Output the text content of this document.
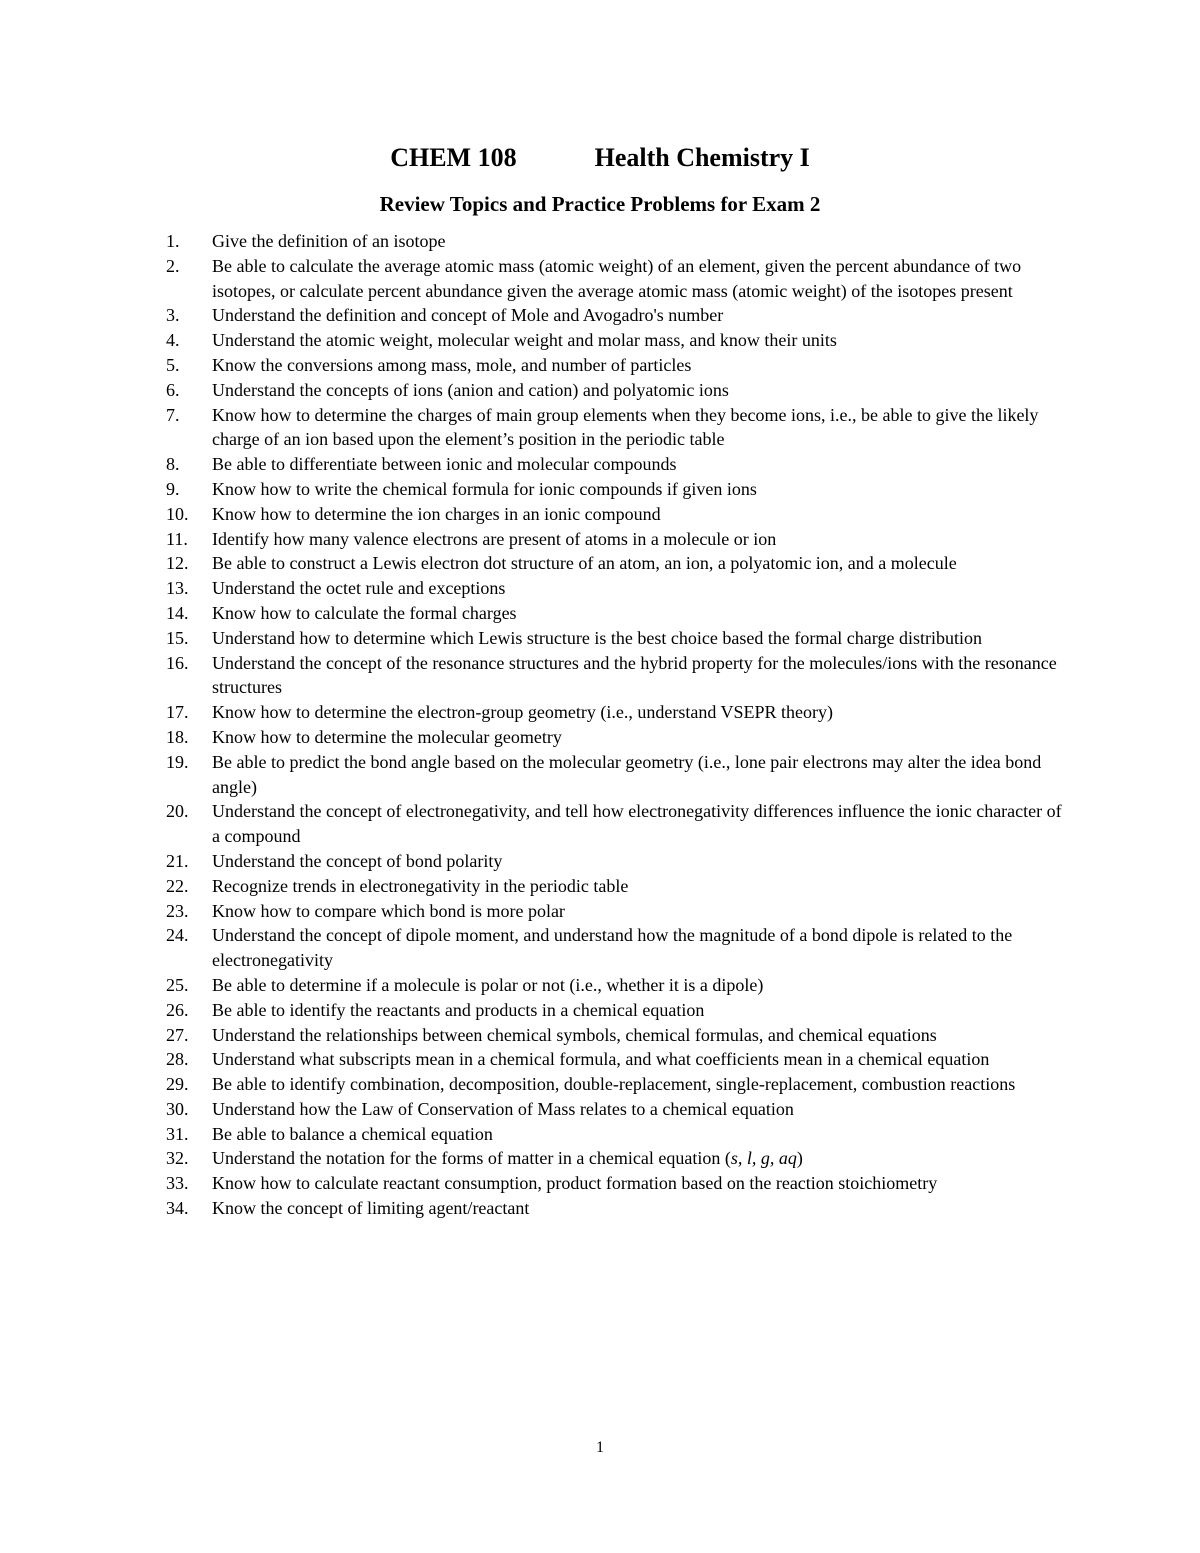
CHEM 108	Health Chemistry I
Review Topics and Practice Problems for Exam 2
1.	Give the definition of an isotope
2.	Be able to calculate the average atomic mass (atomic weight) of an element, given the percent abundance of two isotopes, or calculate percent abundance given the average atomic mass (atomic weight) of the isotopes present
3.	Understand the definition and concept of Mole and Avogadro's number
4.	Understand the atomic weight, molecular weight and molar mass, and know their units
5.	Know the conversions among mass, mole, and number of particles
6.	Understand the concepts of ions (anion and cation) and polyatomic ions
7.	Know how to determine the charges of main group elements when they become ions, i.e., be able to give the likely charge of an ion based upon the element’s position in the periodic table
8.	Be able to differentiate between ionic and molecular compounds
9.	Know how to write the chemical formula for ionic compounds if given ions
10.	Know how to determine the ion charges in an ionic compound
11.	Identify how many valence electrons are present of atoms in a molecule or ion
12.	Be able to construct a Lewis electron dot structure of an atom, an ion, a polyatomic ion, and a molecule
13.	Understand the octet rule and exceptions
14.	Know how to calculate the formal charges
15.	Understand how to determine which Lewis structure is the best choice based the formal charge distribution
16.	Understand the concept of the resonance structures and the hybrid property for the molecules/ions with the resonance structures
17.	Know how to determine the electron-group geometry (i.e., understand VSEPR theory)
18.	Know how to determine the molecular geometry
19.	Be able to predict the bond angle based on the molecular geometry (i.e., lone pair electrons may alter the idea bond angle)
20.	Understand the concept of electronegativity, and tell how electronegativity differences influence the ionic character of a compound
21.	Understand the concept of bond polarity
22.	Recognize trends in electronegativity in the periodic table
23.	Know how to compare which bond is more polar
24.	Understand the concept of dipole moment, and understand how the magnitude of a bond dipole is related to the electronegativity
25.	Be able to determine if a molecule is polar or not (i.e., whether it is a dipole)
26.	Be able to identify the reactants and products in a chemical equation
27.	Understand the relationships between chemical symbols, chemical formulas, and chemical equations
28.	Understand what subscripts mean in a chemical formula, and what coefficients mean in a chemical equation
29.	Be able to identify combination, decomposition, double-replacement, single-replacement, combustion reactions
30.	Understand how the Law of Conservation of Mass relates to a chemical equation
31.	Be able to balance a chemical equation
32.	Understand the notation for the forms of matter in a chemical equation (s, l, g, aq)
33.	Know how to calculate reactant consumption, product formation based on the reaction stoichiometry
34.	Know the concept of limiting agent/reactant
1
